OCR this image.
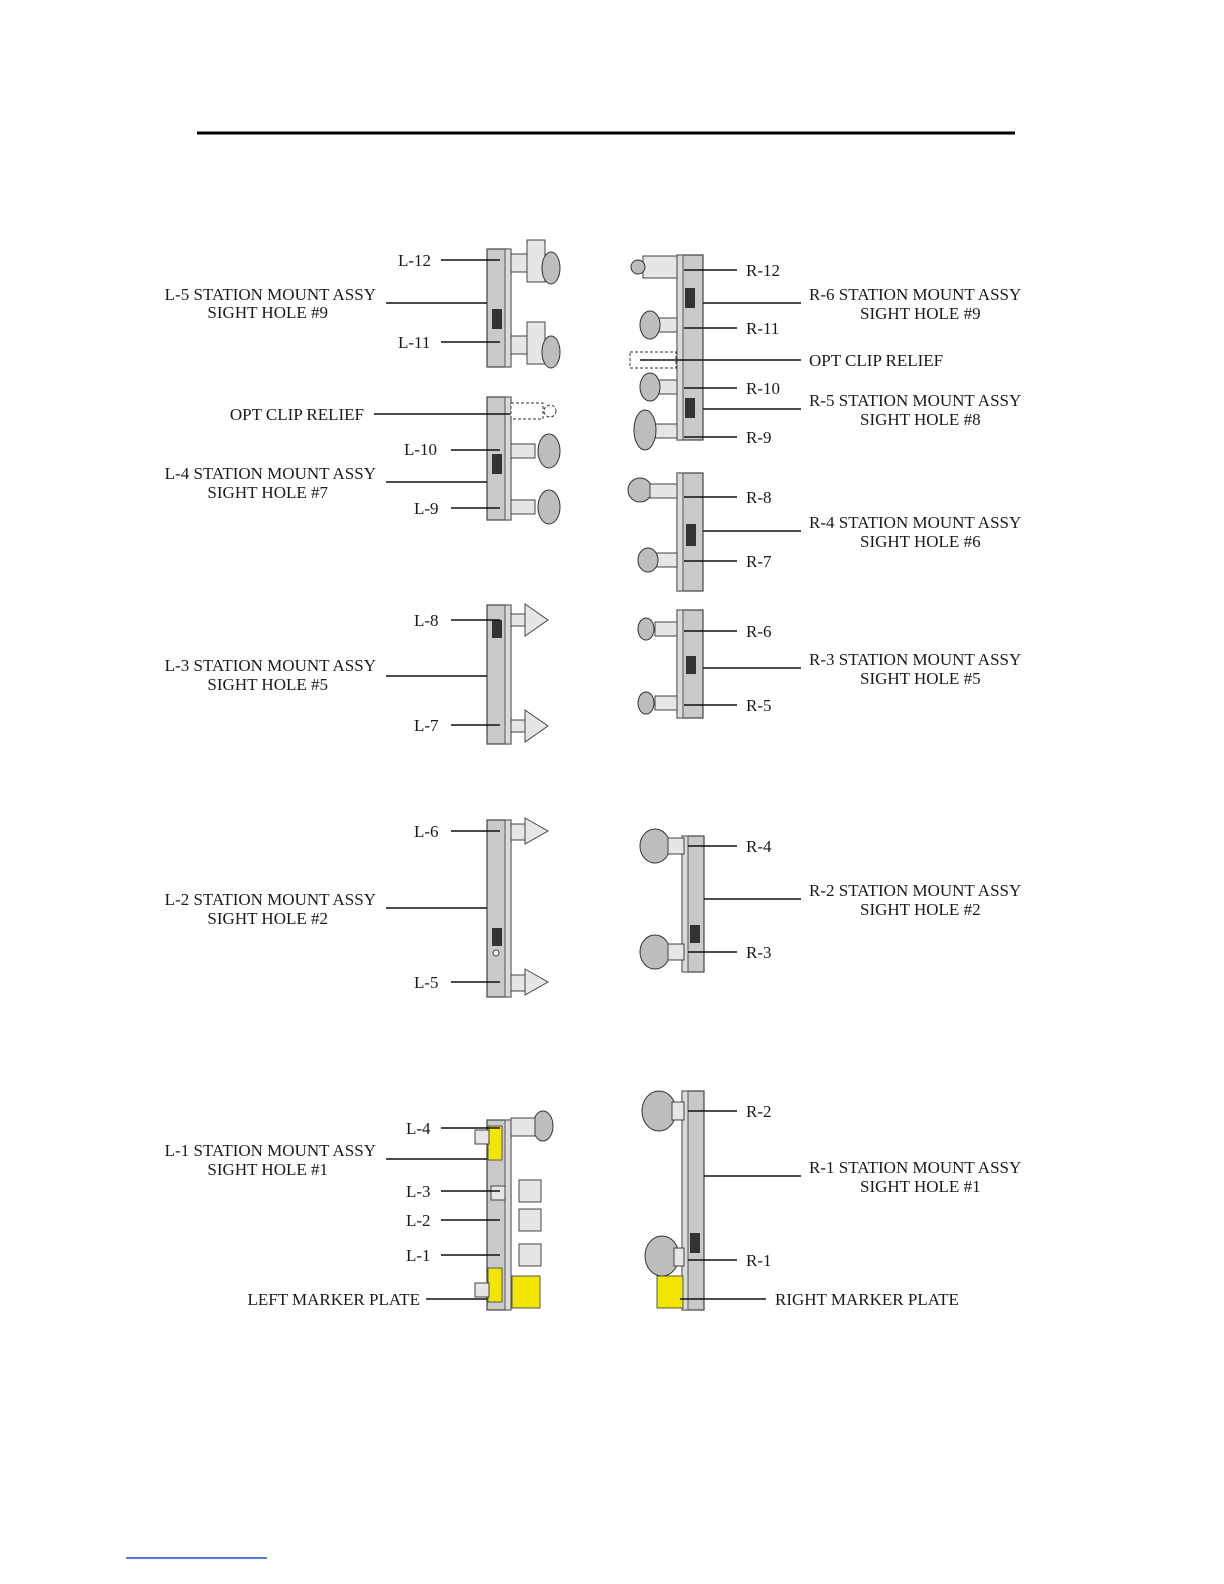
L-12
L-5 STATION MOUNT ASSY
SIGHT HOLE #9
L-11
OPT CLIP RELIEF
L-10
L-4 STATION MOUNT ASSY
SIGHT HOLE #7
L-9
L-8
L-3 STATION MOUNT ASSY
SIGHT HOLE #5
L-7
L-6
L-2 STATION MOUNT ASSY
SIGHT HOLE #2
L-5
L-4
L-1 STATION MOUNT ASSY
SIGHT HOLE #1
L-3
L-2
L-1
LEFT MARKER PLATE
R-12
R-6 STATION MOUNT ASSY
SIGHT HOLE #9
R-11
OPT CLIP RELIEF
R-10
R-5 STATION MOUNT ASSY
SIGHT HOLE #8
R-9
R-8
R-4 STATION MOUNT ASSY
SIGHT HOLE #6
R-7
R-6
R-3 STATION MOUNT ASSY
SIGHT HOLE #5
R-5
R-4
R-2 STATION MOUNT ASSY
SIGHT HOLE #2
R-3
R-2
R-1 STATION MOUNT ASSY
SIGHT HOLE #1
R-1
RIGHT MARKER PLATE
